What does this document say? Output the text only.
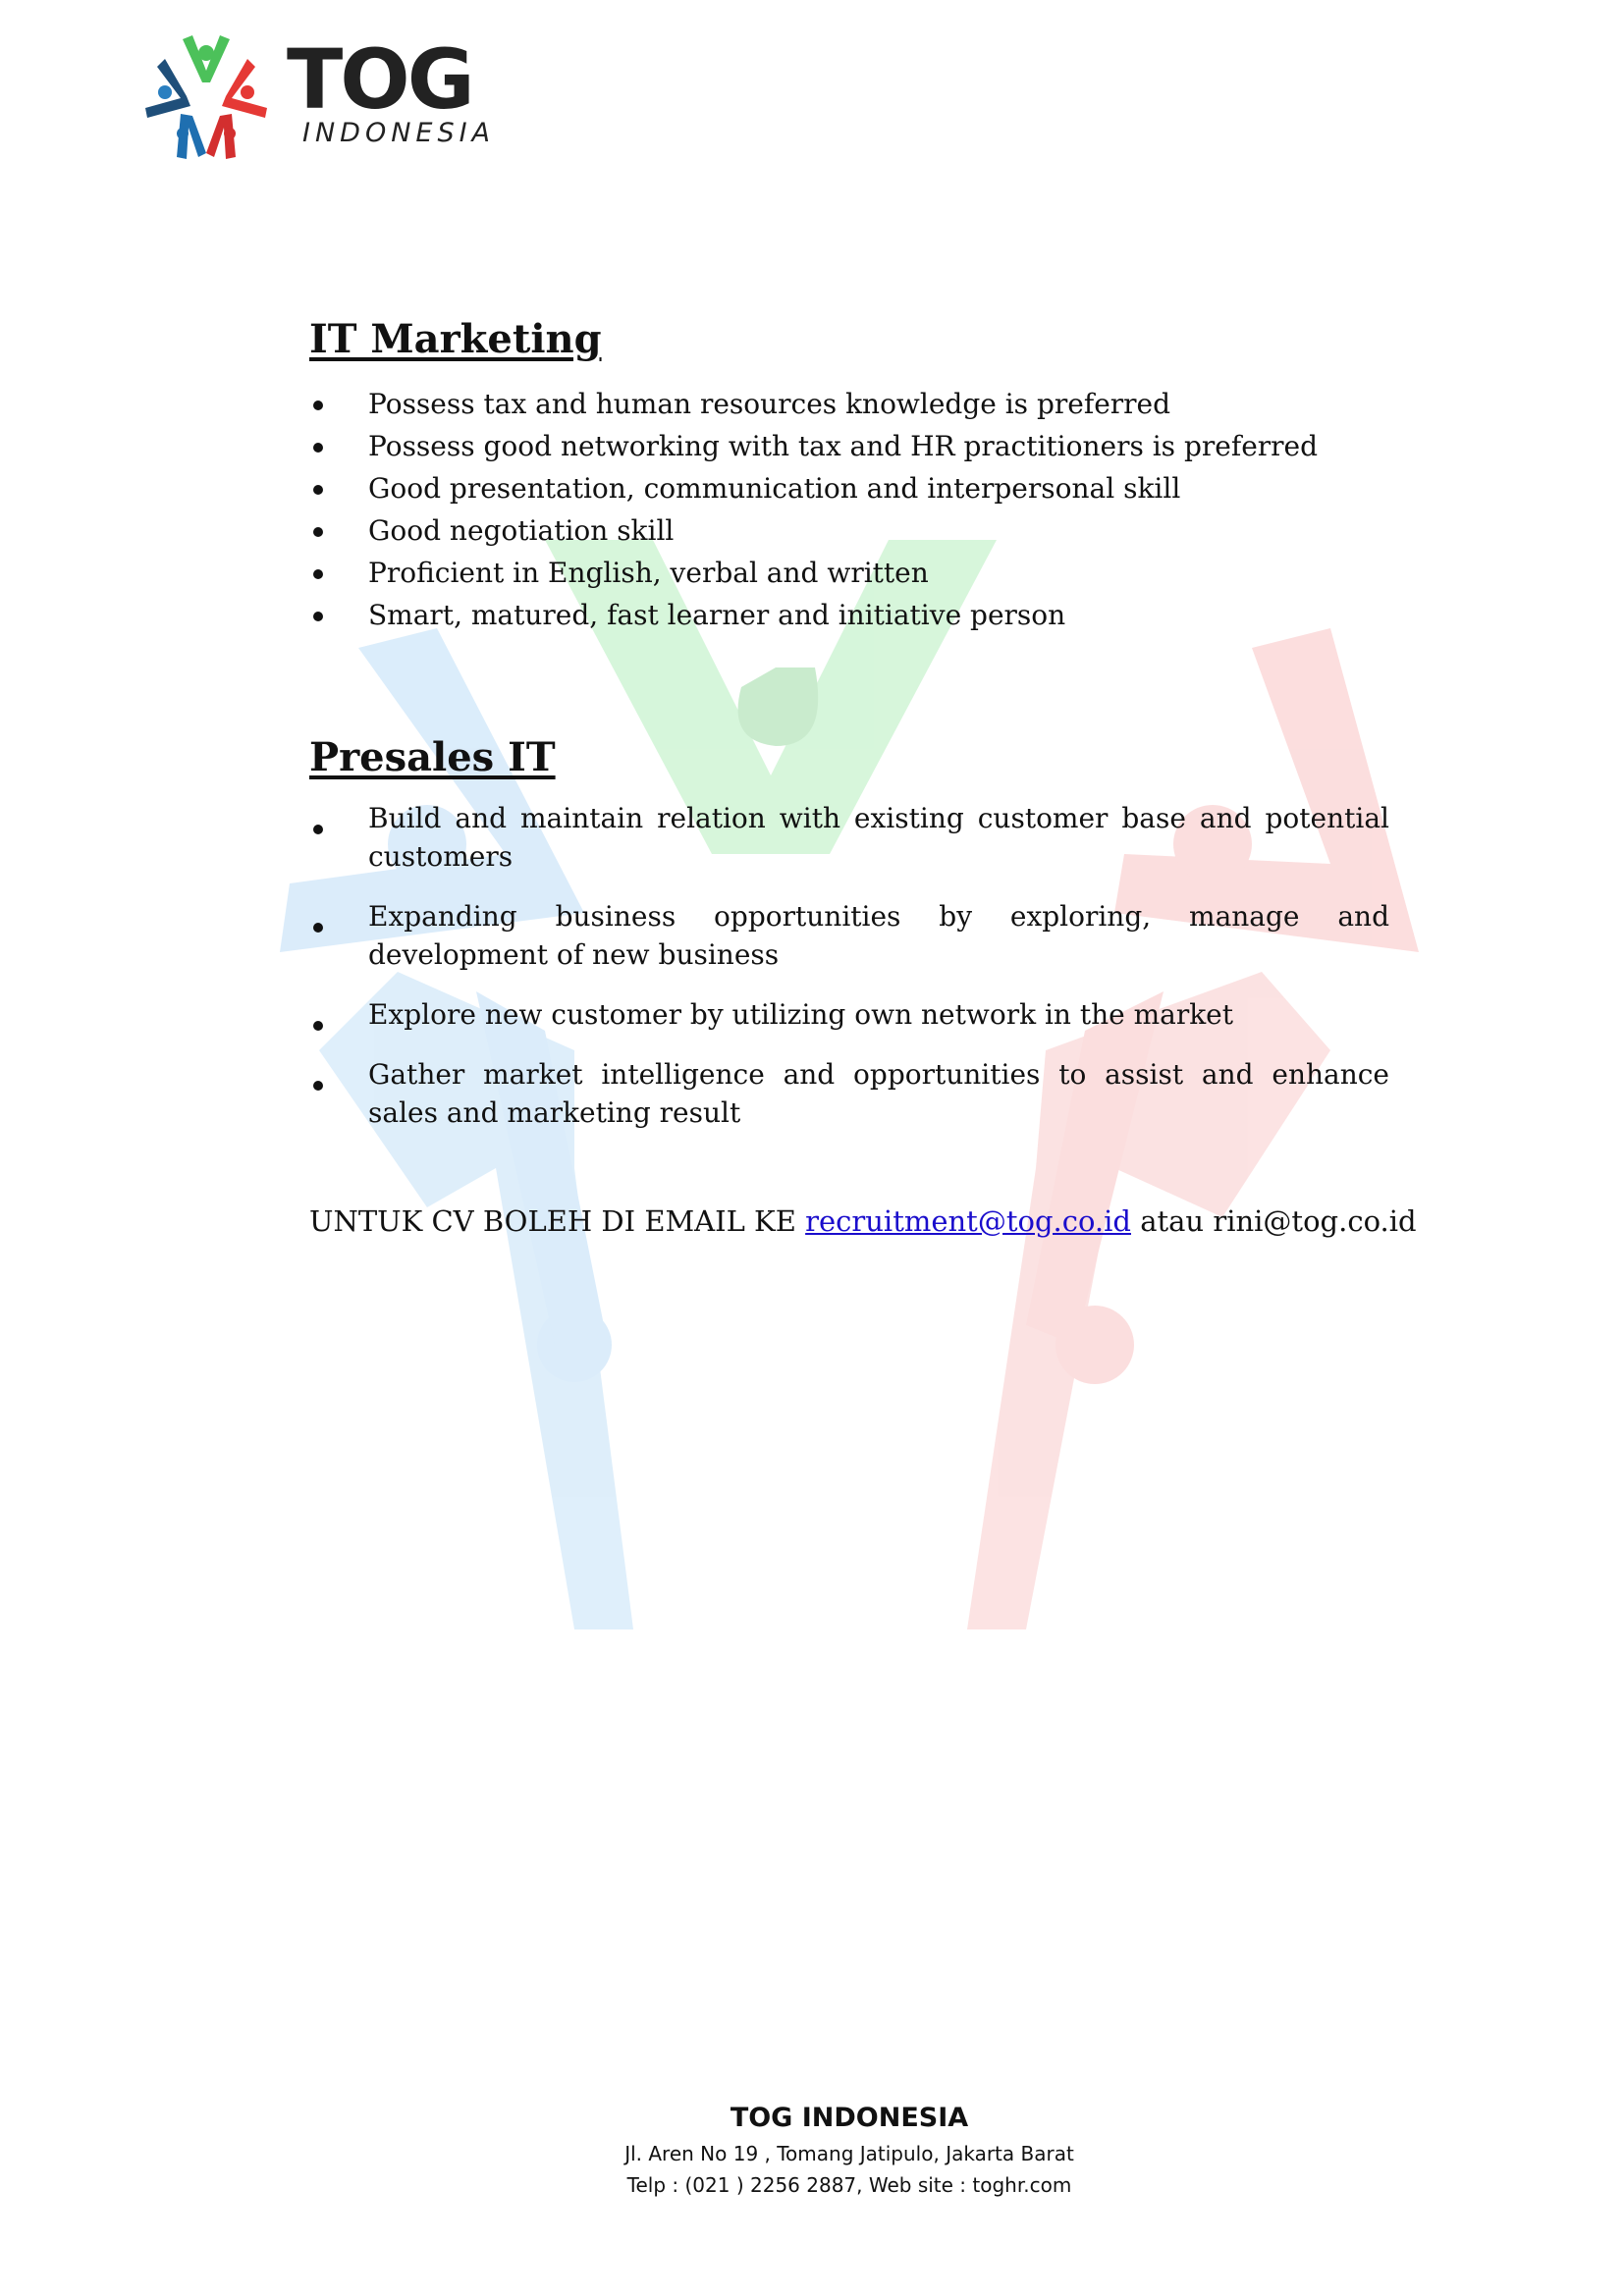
TOG
INDONESIA
IT Marketing
Possess tax and human resources knowledge is preferred
Possess good networking with tax and HR practitioners is preferred
Good presentation, communication and interpersonal skill
Good negotiation skill
Proficient in English, verbal and written
Smart, matured, fast learner and initiative person
Presales IT
Build and maintain relation with existing customer base and potential customers
Expanding business opportunities by exploring, manage and development of new business
Explore new customer by utilizing own network in the market
Gather market intelligence and opportunities to assist and enhance sales and marketing result
UNTUK CV BOLEH DI EMAIL KE recruitment@tog.co.id atau rini@tog.co.id
TOG INDONESIA
Jl. Aren No 19 , Tomang Jatipulo, Jakarta Barat
Telp : (021 ) 2256 2887, Web site : toghr.com
